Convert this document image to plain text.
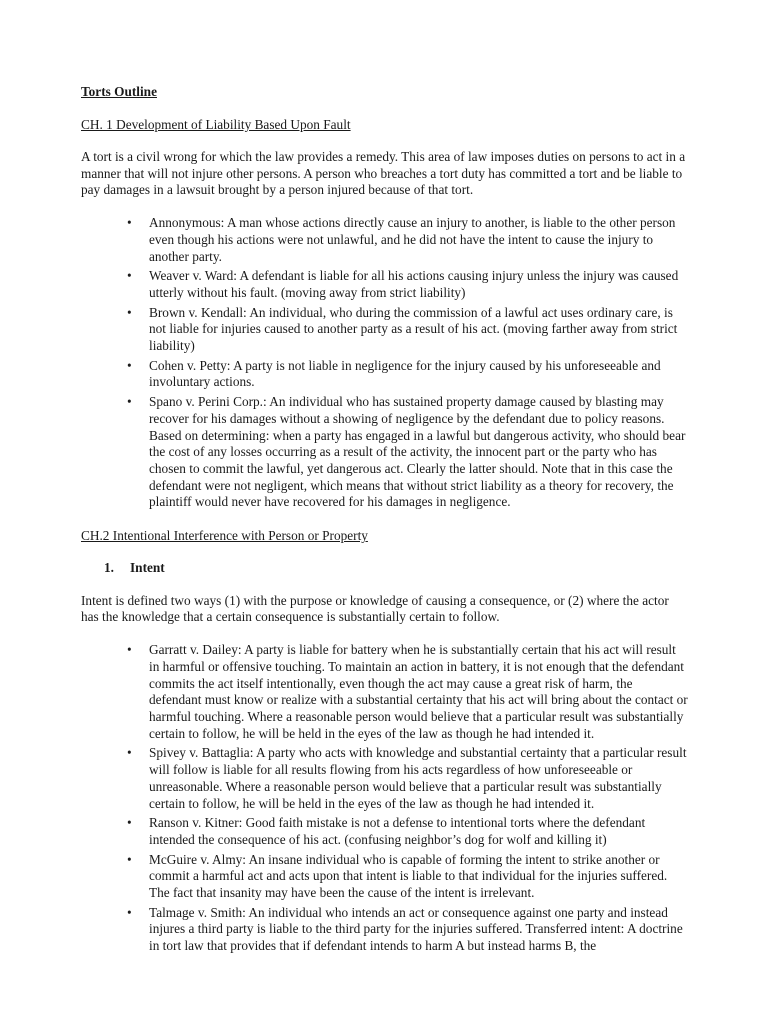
Torts Outline
CH. 1 Development of Liability Based Upon Fault

A tort is a civil wrong for which the law provides a remedy. This area of law imposes duties on persons to act in a manner that will not injure other persons. A person who breaches a tort duty has committed a tort and be liable to pay damages in a lawsuit brought by a person injured because of that tort.

• Annonymous: A man whose actions directly cause an injury to another, is liable to the other person even though his actions were not unlawful, and he did not have the intent to cause the injury to another party.
• Weaver v. Ward: A defendant is liable for all his actions causing injury unless the injury was caused utterly without his fault. (moving away from strict liability)
• Brown v. Kendall: An individual, who during the commission of a lawful act uses ordinary care, is not liable for injuries caused to another party as a result of his act. (moving farther away from strict liability)
• Cohen v. Petty: A party is not liable in negligence for the injury caused by his unforeseeable and involuntary actions.
• Spano v. Perini Corp.: An individual who has sustained property damage caused by blasting may recover for his damages without a showing of negligence by the defendant due to policy reasons. Based on determining: when a party has engaged in a lawful but dangerous activity, who should bear the cost of any losses occurring as a result of the activity, the innocent part or the party who has chosen to commit the lawful, yet dangerous act. Clearly the latter should. Note that in this case the defendant were not negligent, which means that without strict liability as a theory for recovery, the plaintiff would never have recovered for his damages in negligence.
CH.2 Intentional Interference with Person or Property
1. Intent

Intent is defined two ways (1) with the purpose or knowledge of causing a consequence, or (2) where the actor has the knowledge that a certain consequence is substantially certain to follow.

• Garratt v. Dailey: A party is liable for battery when he is substantially certain that his act will result in harmful or offensive touching. To maintain an action in battery, it is not enough that the defendant commits the act itself intentionally, even though the act may cause a great risk of harm, the defendant must know or realize with a substantial certainty that his act will bring about the contact or harmful touching. Where a reasonable person would believe that a particular result was substantially certain to follow, he will be held in the eyes of the law as though he had intended it.
• Spivey v. Battaglia: A party who acts with knowledge and substantial certainty that a particular result will follow is liable for all results flowing from his acts regardless of how unforeseeable or unreasonable. Where a reasonable person would believe that a particular result was substantially certain to follow, he will be held in the eyes of the law as though he had intended it.
• Ranson v. Kitner: Good faith mistake is not a defense to intentional torts where the defendant intended the consequence of his act. (confusing neighbor’s dog for wolf and killing it)
• McGuire v. Almy: An insane individual who is capable of forming the intent to strike another or commit a harmful act and acts upon that intent is liable to that individual for the injuries suffered. The fact that insanity may have been the cause of the intent is irrelevant.
• Talmage v. Smith: An individual who intends an act or consequence against one party and instead injures a third party is liable to the third party for the injuries suffered. Transferred intent: A doctrine in tort law that provides that if defendant intends to harm A but instead harms B, the
